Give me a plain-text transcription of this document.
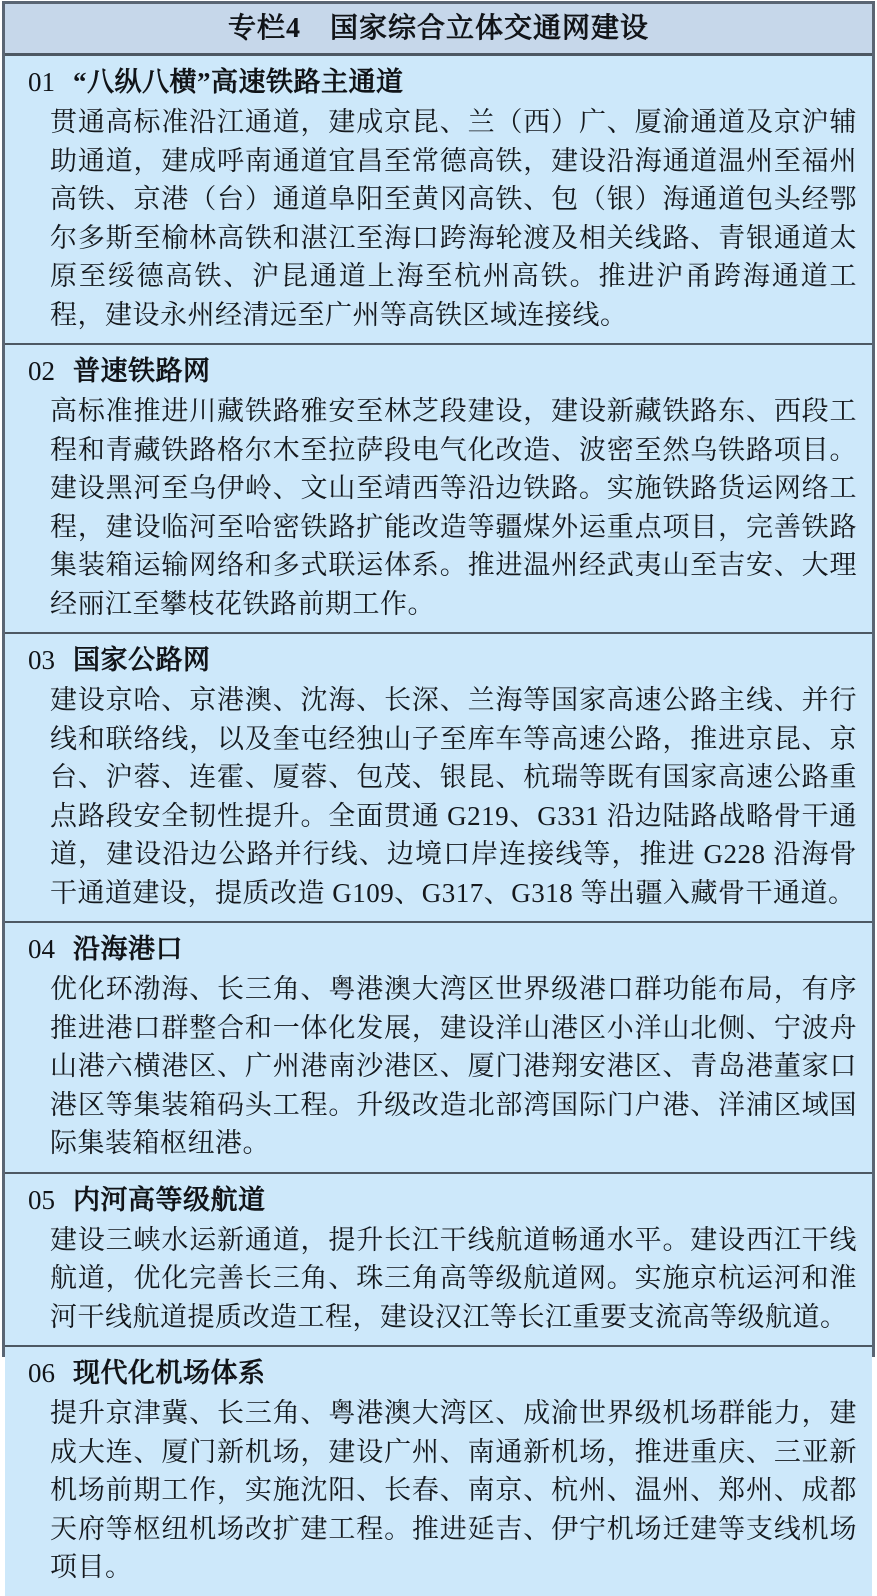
专栏4　国家综合立体交通网建设
01 “八纵八横”高速铁路主通道
贯通高标准沿江通道，建成京昆、兰（西）广、厦渝通道及京沪辅助通道，建成呼南通道宜昌至常德高铁，建设沿海通道温州至福州高铁、京港（台）通道阜阳至黄冈高铁、包（银）海通道包头经鄂尔多斯至榆林高铁和湛江至海口跨海轮渡及相关线路、青银通道太原至绥德高铁、沪昆通道上海至杭州高铁。推进沪甬跨海通道工程，建设永州经清远至广州等高铁区域连接线。
02 普速铁路网
高标准推进川藏铁路雅安至林芝段建设，建设新藏铁路东、西段工程和青藏铁路格尔木至拉萨段电气化改造、波密至然乌铁路项目。建设黑河至乌伊岭、文山至靖西等沿边铁路。实施铁路货运网络工程，建设临河至哈密铁路扩能改造等疆煤外运重点项目，完善铁路集装箱运输网络和多式联运体系。推进温州经武夷山至吉安、大理经丽江至攀枝花铁路前期工作。
03 国家公路网
建设京哈、京港澳、沈海、长深、兰海等国家高速公路主线、并行线和联络线，以及奎屯经独山子至库车等高速公路，推进京昆、京台、沪蓉、连霍、厦蓉、包茂、银昆、杭瑞等既有国家高速公路重点路段安全韧性提升。全面贯通 G219、G331 沿边陆路战略骨干通道，建设沿边公路并行线、边境口岸连接线等，推进 G228 沿海骨干通道建设，提质改造 G109、G317、G318 等出疆入藏骨干通道。
04 沿海港口
优化环渤海、长三角、粤港澳大湾区世界级港口群功能布局，有序推进港口群整合和一体化发展，建设洋山港区小洋山北侧、宁波舟山港六横港区、广州港南沙港区、厦门港翔安港区、青岛港董家口港区等集装箱码头工程。升级改造北部湾国际门户港、洋浦区域国际集装箱枢纽港。
05 内河高等级航道
建设三峡水运新通道，提升长江干线航道畅通水平。建设西江干线航道，优化完善长三角、珠三角高等级航道网。实施京杭运河和淮河干线航道提质改造工程，建设汉江等长江重要支流高等级航道。
06 现代化机场体系
提升京津冀、长三角、粤港澳大湾区、成渝世界级机场群能力，建成大连、厦门新机场，建设广州、南通新机场，推进重庆、三亚新机场前期工作，实施沈阳、长春、南京、杭州、温州、郑州、成都天府等枢纽机场改扩建工程。推进延吉、伊宁机场迁建等支线机场项目。
